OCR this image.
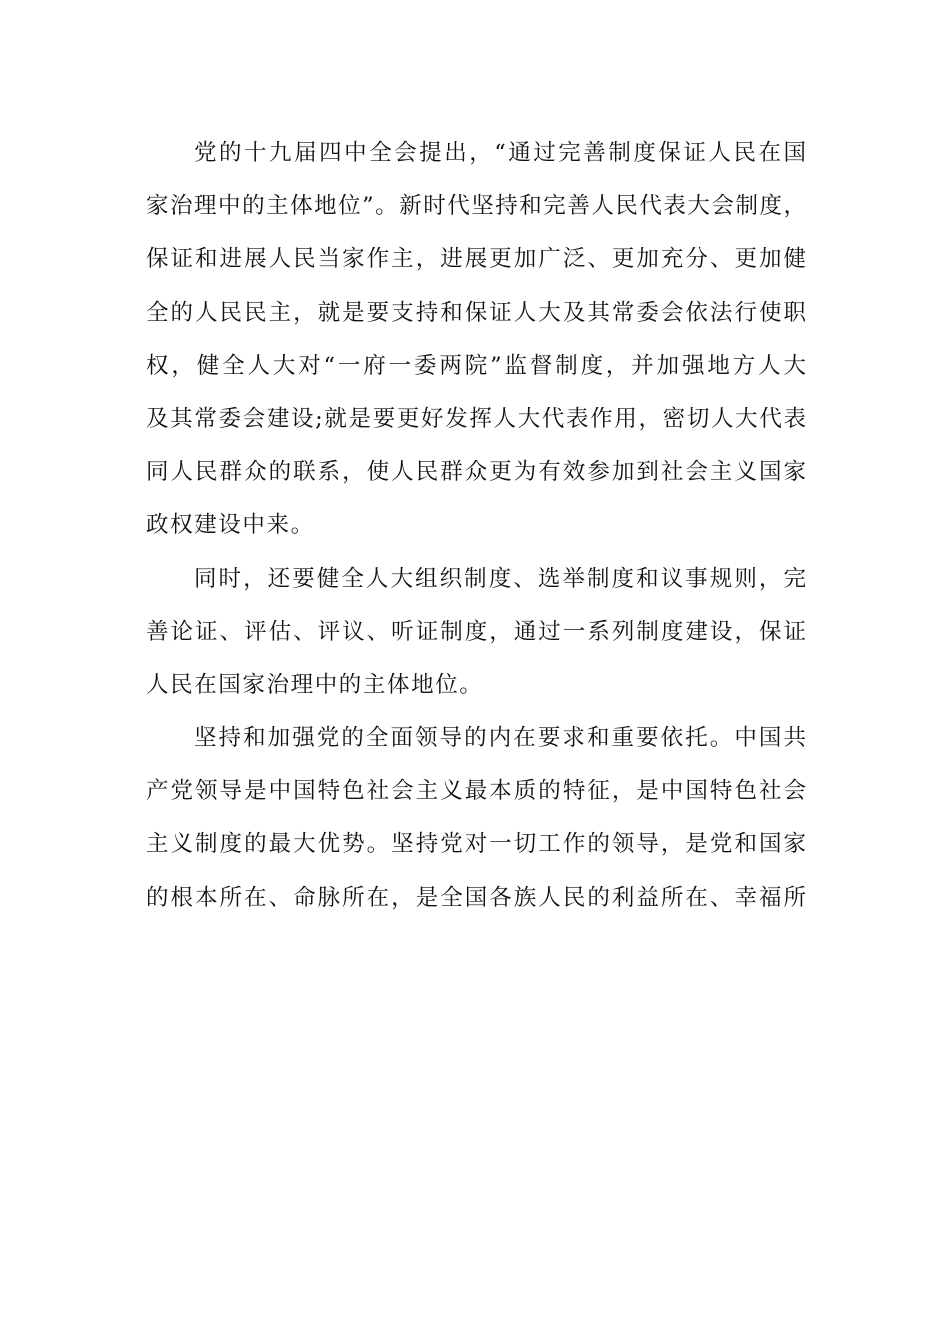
党的十九届四中全会提出，“通过完善制度保证人民在国

家治理中的主体地位”。新时代坚持和完善人民代表大会制度，

保证和进展人民当家作主，进展更加广泛、更加充分、更加健

全的人民民主，就是要支持和保证人大及其常委会依法行使职

权，健全人大对“一府一委两院”监督制度，并加强地方人大

及其常委会建设;就是要更好发挥人大代表作用，密切人大代表

同人民群众的联系，使人民群众更为有效参加到社会主义国家

政权建设中来。

同时，还要健全人大组织制度、选举制度和议事规则，完

善论证、评估、评议、听证制度，通过一系列制度建设，保证

人民在国家治理中的主体地位。

坚持和加强党的全面领导的内在要求和重要依托。中国共

产党领导是中国特色社会主义最本质的特征，是中国特色社会

主义制度的最大优势。坚持党对一切工作的领导，是党和国家

的根本所在、命脉所在，是全国各族人民的利益所在、幸福所
